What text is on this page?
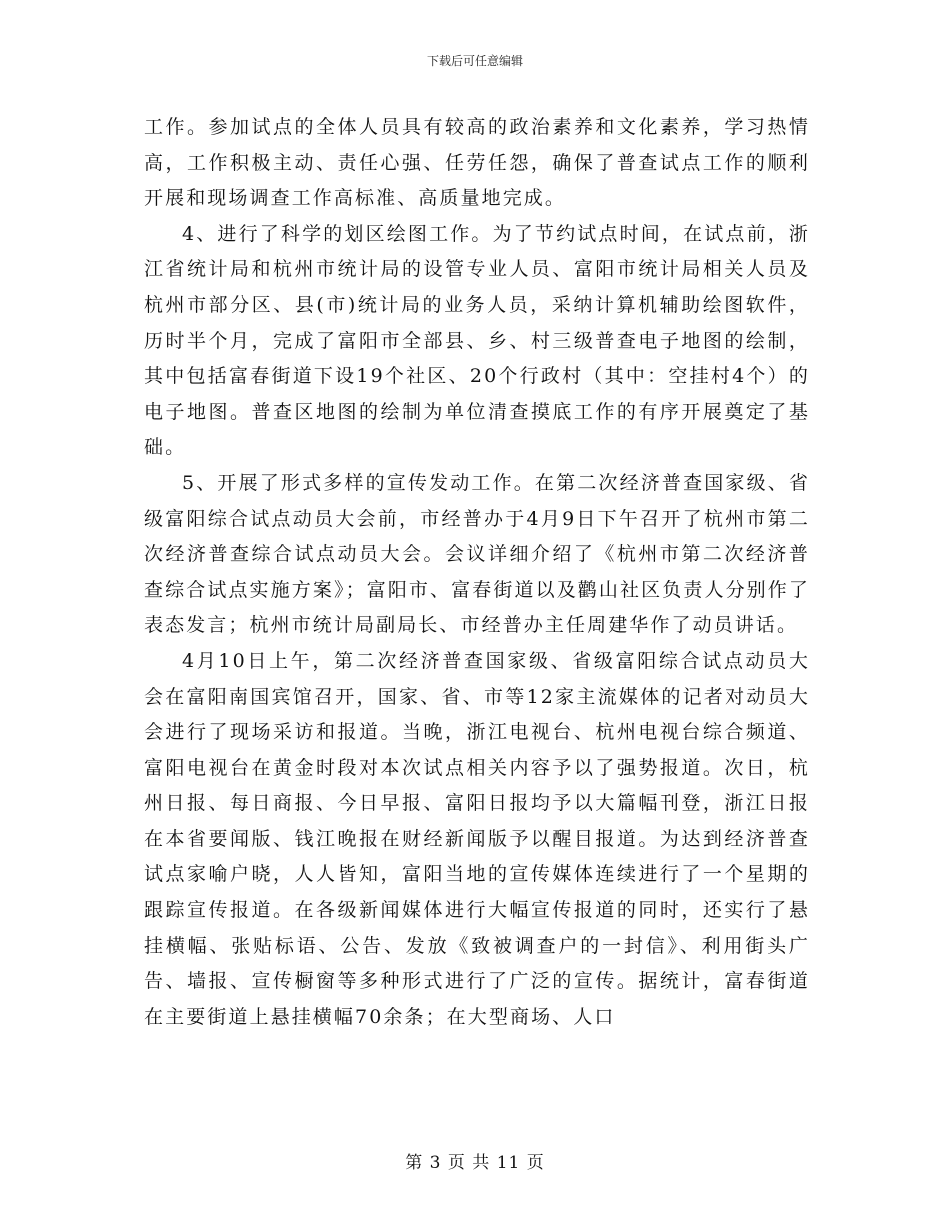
下载后可任意编辑

工作。参加试点的全体人员具有较高的政治素养和文化素养，学习热情高，工作积极主动、责任心强、任劳任怨，确保了普查试点工作的顺利开展和现场调查工作高标准、高质量地完成。

4、进行了科学的划区绘图工作。为了节约试点时间，在试点前，浙江省统计局和杭州市统计局的设管专业人员、富阳市统计局相关人员及杭州市部分区、县(市)统计局的业务人员，采纳计算机辅助绘图软件，历时半个月，完成了富阳市全部县、乡、村三级普查电子地图的绘制，其中包括富春街道下设19个社区、20个行政村（其中：空挂村4个）的电子地图。普查区地图的绘制为单位清查摸底工作的有序开展奠定了基础。

5、开展了形式多样的宣传发动工作。在第二次经济普查国家级、省级富阳综合试点动员大会前，市经普办于4月9日下午召开了杭州市第二次经济普查综合试点动员大会。会议详细介绍了《杭州市第二次经济普查综合试点实施方案》；富阳市、富春街道以及鹳山社区负责人分别作了表态发言；杭州市统计局副局长、市经普办主任周建华作了动员讲话。

4月10日上午，第二次经济普查国家级、省级富阳综合试点动员大会在富阳南国宾馆召开，国家、省、市等12家主流媒体的记者对动员大会进行了现场采访和报道。当晚，浙江电视台、杭州电视台综合频道、富阳电视台在黄金时段对本次试点相关内容予以了强势报道。次日，杭州日报、每日商报、今日早报、富阳日报均予以大篇幅刊登，浙江日报在本省要闻版、钱江晚报在财经新闻版予以醒目报道。为达到经济普查试点家喻户晓，人人皆知，富阳当地的宣传媒体连续进行了一个星期的跟踪宣传报道。在各级新闻媒体进行大幅宣传报道的同时，还实行了悬挂横幅、张贴标语、公告、发放《致被调查户的一封信》、利用街头广告、墙报、宣传橱窗等多种形式进行了广泛的宣传。据统计，富春街道在主要街道上悬挂横幅70余条；在大型商场、人口

第 3 页 共 11 页
